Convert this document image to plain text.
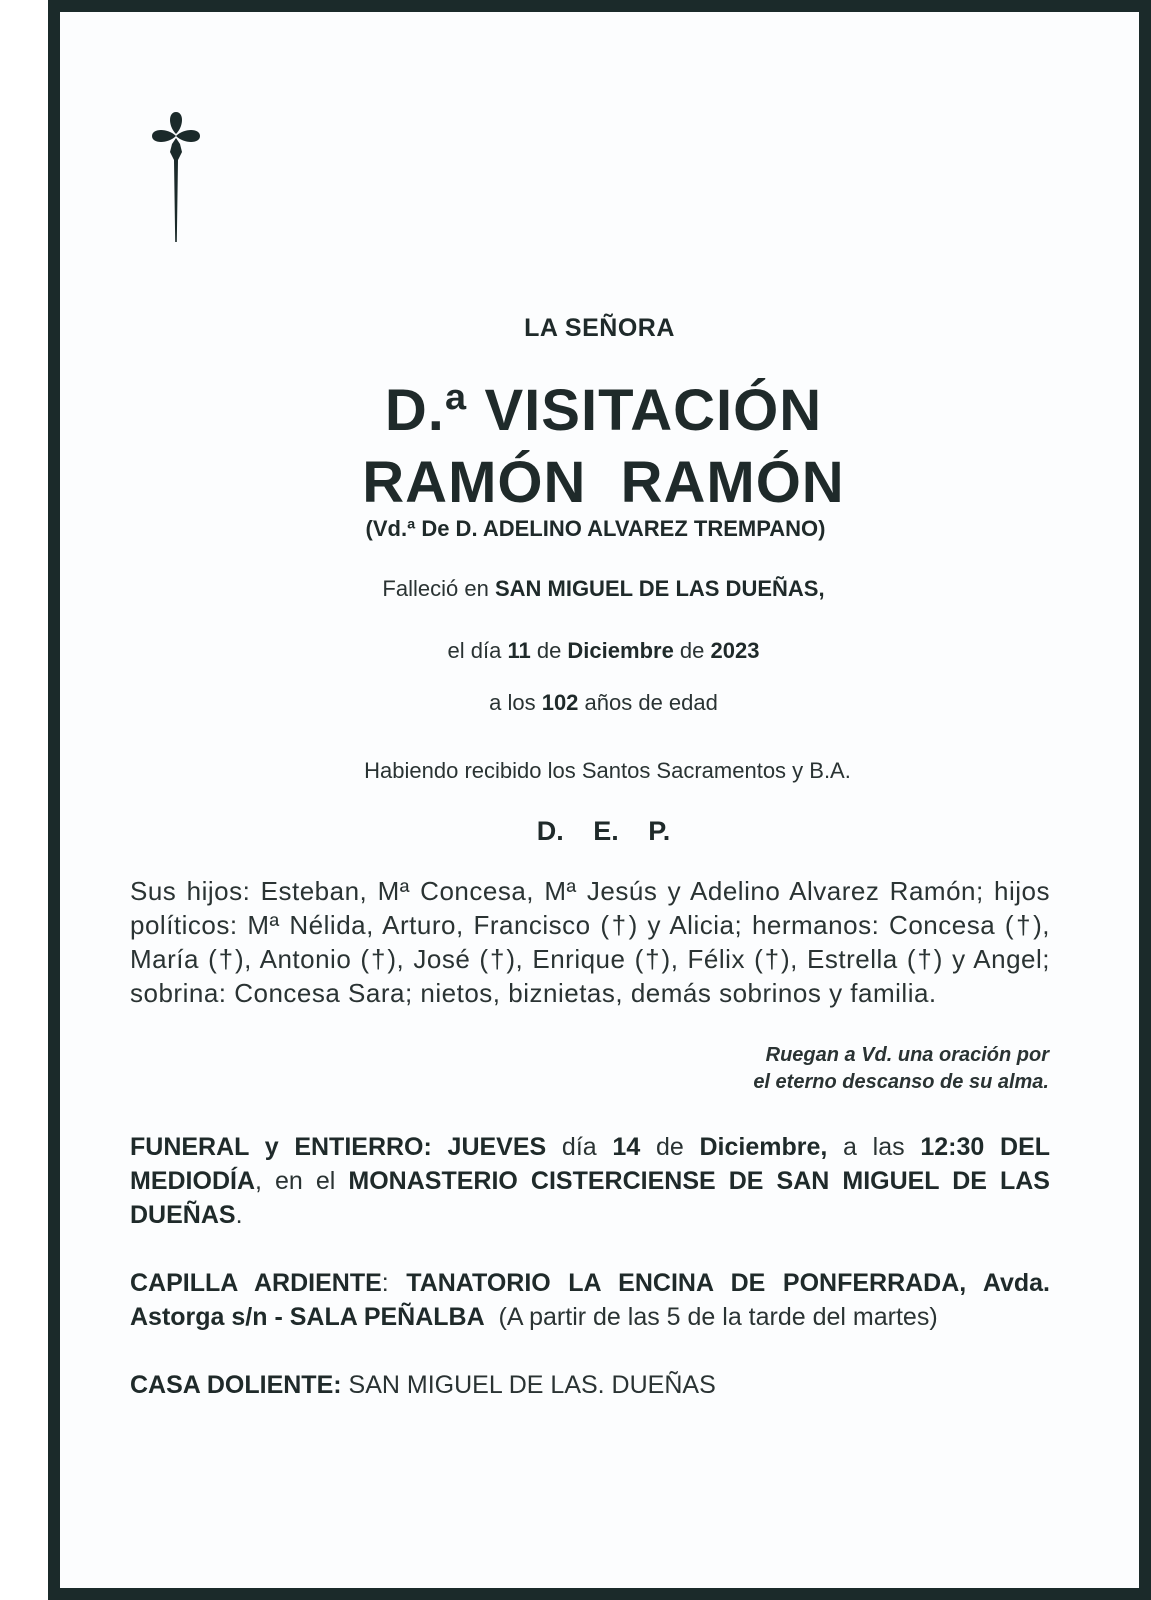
LA SEÑORA
D.ª VISITACIÓN
RAMÓN  RAMÓN
(Vd.ª De D. ADELINO ALVAREZ TREMPANO)
Falleció en SAN MIGUEL DE LAS DUEÑAS,
el día 11 de Diciembre de 2023
a los 102 años de edad
Habiendo recibido los Santos Sacramentos y B.A.
D. E. P.
Sus hijos: Esteban, Mª Concesa, Mª Jesús y Adelino Alvarez Ramón; hijos políticos: Mª Nélida, Arturo, Francisco (†) y Alicia; hermanos: Concesa (†), María (†), Antonio (†), José (†), Enrique (†), Félix (†), Estrella (†) y Angel; sobrina: Concesa Sara; nietos, biznietas, demás sobrinos y familia.
Ruegan a Vd. una oración por
el eterno descanso de su alma.
FUNERAL y ENTIERRO: JUEVES día 14 de Diciembre, a las 12:30 DEL MEDIODÍA, en el MONASTERIO CISTERCIENSE DE SAN MIGUEL DE LAS DUEÑAS.
CAPILLA ARDIENTE: TANATORIO LA ENCINA DE PONFERRADA, Avda. Astorga s/n - SALA PEÑALBA  (A partir de las 5 de la tarde del martes)
CASA DOLIENTE: SAN MIGUEL DE LAS. DUEÑAS
